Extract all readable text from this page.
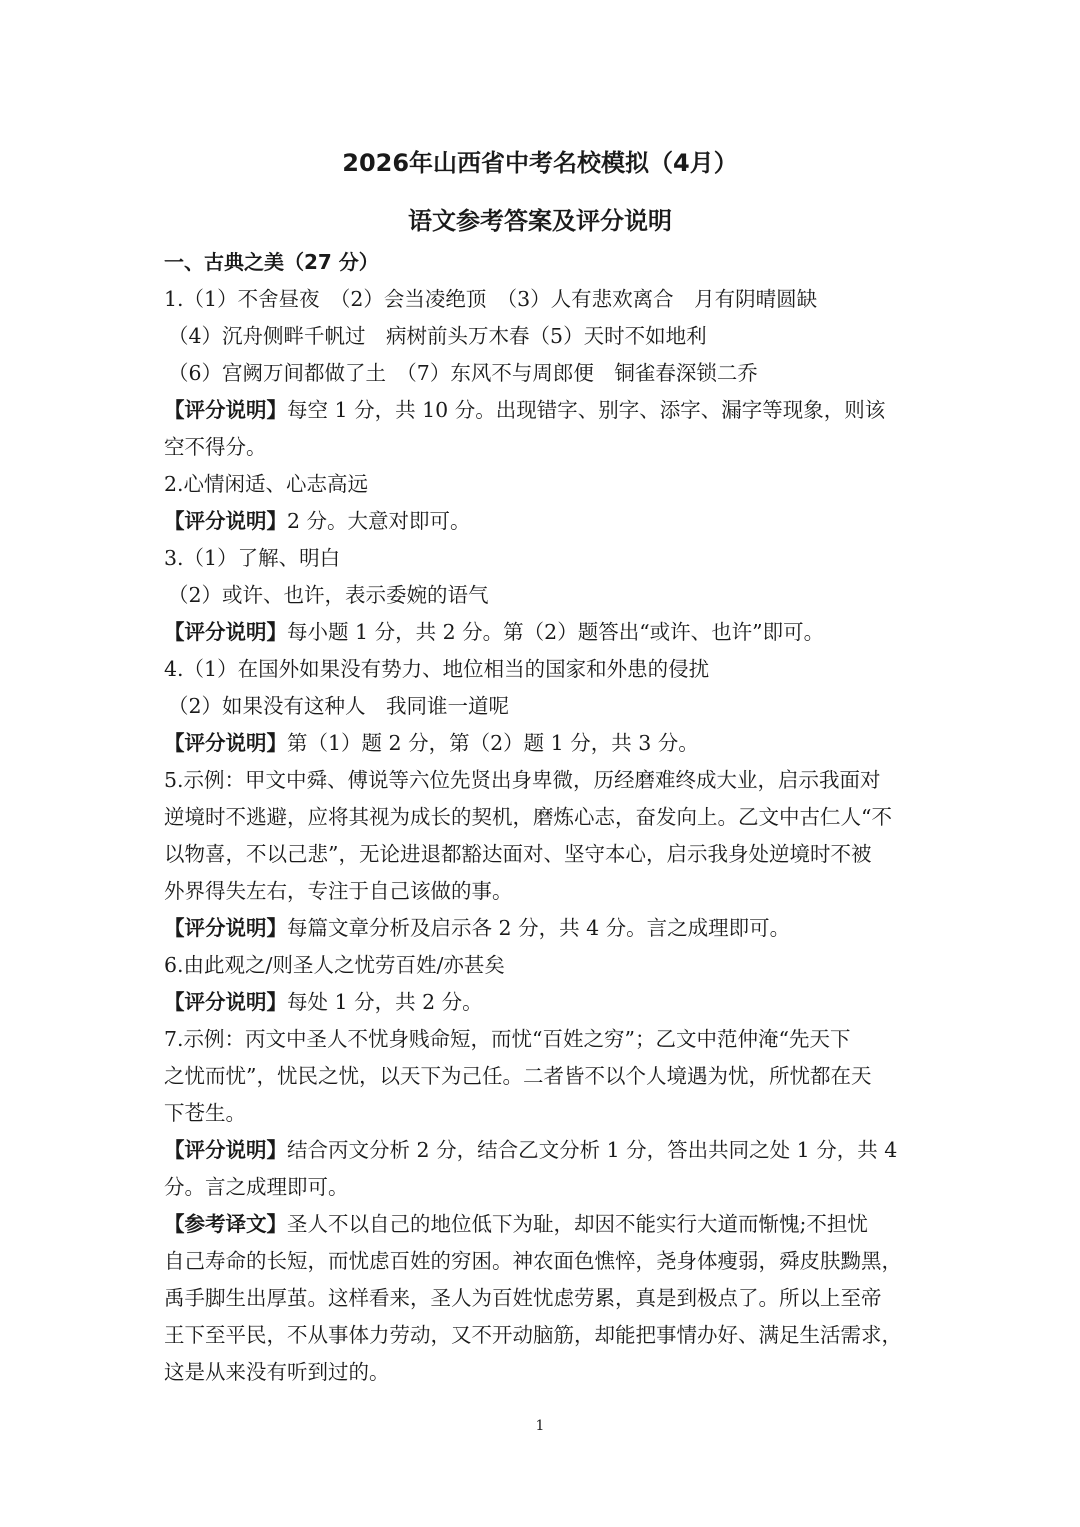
2026年山西省中考名校模拟（4月）
语文参考答案及评分说明
一、古典之美（27 分）
1.（1）不舍昼夜　（2）会当凌绝顶　（3）人有悲欢离合　月有阴晴圆缺
（4）沉舟侧畔千帆过　病树前头万木春（5）天时不如地利
（6）宫阙万间都做了土　（7）东风不与周郎便　铜雀春深锁二乔
【评分说明】每空 1 分，共 10 分。出现错字、别字、添字、漏字等现象，则该
空不得分。
2.心情闲适、心志高远
【评分说明】2 分。大意对即可。
3.（1）了解、明白
（2）或许、也许，表示委婉的语气
【评分说明】每小题 1 分，共 2 分。第（2）题答出“或许、也许”即可。
4.（1）在国外如果没有势力、地位相当的国家和外患的侵扰
（2）如果没有这种人　我同谁一道呢
【评分说明】第（1）题 2 分，第（2）题 1 分，共 3 分。
5.示例：甲文中舜、傅说等六位先贤出身卑微，历经磨难终成大业，启示我面对
逆境时不逃避，应将其视为成长的契机，磨炼心志，奋发向上。乙文中古仁人“不
以物喜，不以己悲”，无论进退都豁达面对、坚守本心，启示我身处逆境时不被
外界得失左右，专注于自己该做的事。
【评分说明】每篇文章分析及启示各 2 分，共 4 分。言之成理即可。
6.由此观之/则圣人之忧劳百姓/亦甚矣
【评分说明】每处 1 分，共 2 分。
7.示例：丙文中圣人不忧身贱命短，而忧“百姓之穷”；乙文中范仲淹“先天下
之忧而忧”，忧民之忧，以天下为己任。二者皆不以个人境遇为忧，所忧都在天
下苍生。
【评分说明】结合丙文分析 2 分，结合乙文分析 1 分，答出共同之处 1 分，共 4
分。言之成理即可。
【参考译文】圣人不以自己的地位低下为耻，却因不能实行大道而惭愧;不担忧
自己寿命的长短，而忧虑百姓的穷困。神农面色憔悴，尧身体瘦弱，舜皮肤黝黑，
禹手脚生出厚茧。这样看来，圣人为百姓忧虑劳累，真是到极点了。所以上至帝
王下至平民，不从事体力劳动，又不开动脑筋，却能把事情办好、满足生活需求，
这是从来没有听到过的。
1
